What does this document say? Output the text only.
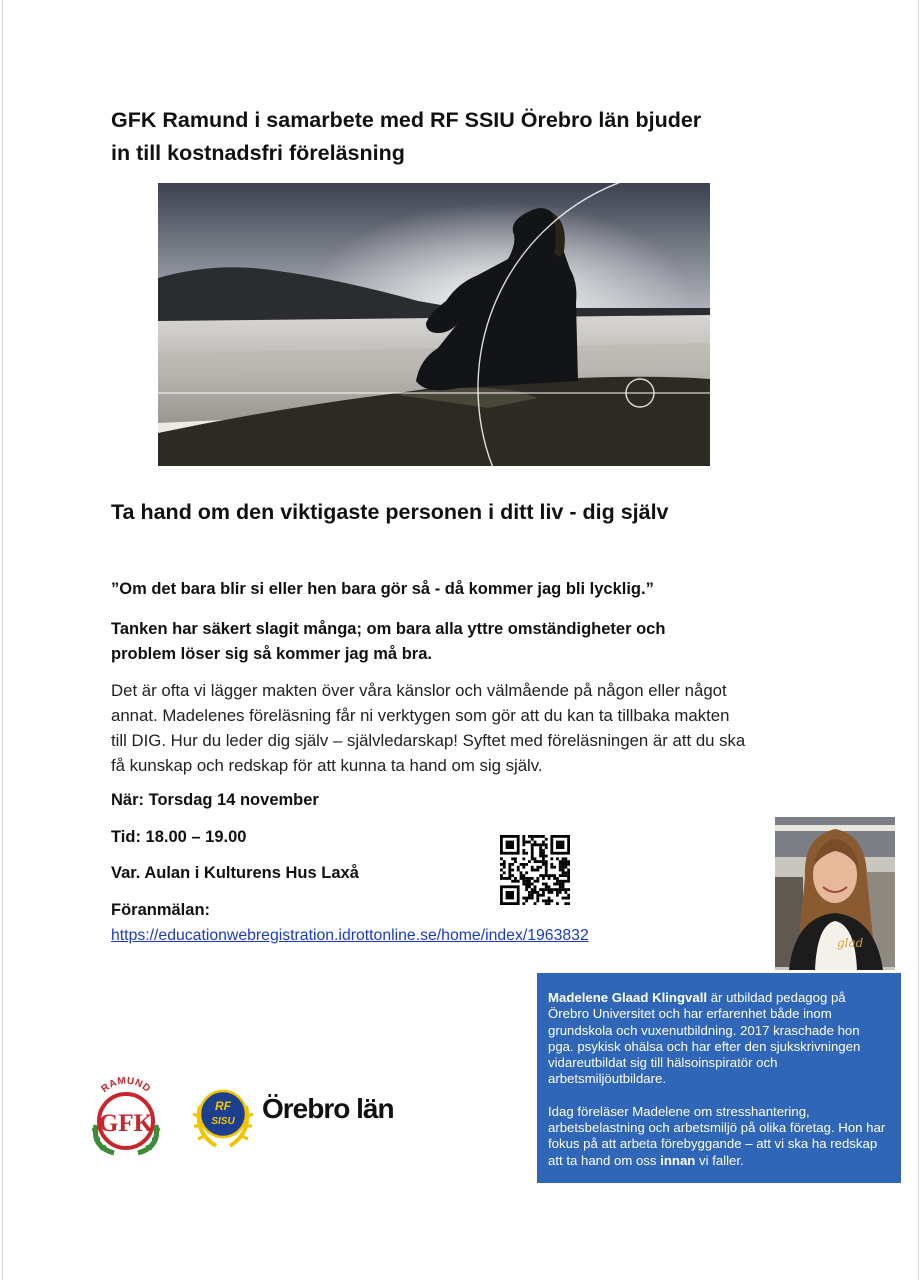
GFK Ramund i samarbete med RF SSIU Örebro län bjuder
in till kostnadsfri föreläsning
Ta hand om den viktigaste personen i ditt liv - dig själv
”Om det bara blir si eller hen bara gör så - då kommer jag bli lycklig.”
Tanken har säkert slagit många; om bara alla yttre omständigheter och
problem löser sig så kommer jag må bra.
Det är ofta vi lägger makten över våra känslor och välmående på någon eller något
annat. Madelenes föreläsning får ni verktygen som gör att du kan ta tillbaka makten
till DIG. Hur du leder dig själv – självledarskap! Syftet med föreläsningen är att du ska
få kunskap och redskap för att kunna ta hand om sig själv.
När: Torsdag 14 november
Tid: 18.00 – 19.00
Var. Aulan i Kulturens Hus Laxå
Föranmälan:
https://educationwebregistration.idrottonline.se/home/index/1963832	glad

Madelene Glaad Klingvall är utbildad pedagog på Örebro Universitet och har erfarenhet både inom grundskola och vuxenutbildning. 2017 kraschade hon pga. psykisk ohälsa och har efter den sjukskrivningen vidareutbildat sig till hälsoinspiratör och arbetsmiljöutbildare.

Idag föreläser Madelene om stresshantering, arbetsbelastning och arbetsmiljö på olika företag. Hon har fokus på att arbeta förebyggande – att vi ska ha redskap att ta hand om oss innan vi faller.

RAMUND
GFK
RF
SISU Örebro län
